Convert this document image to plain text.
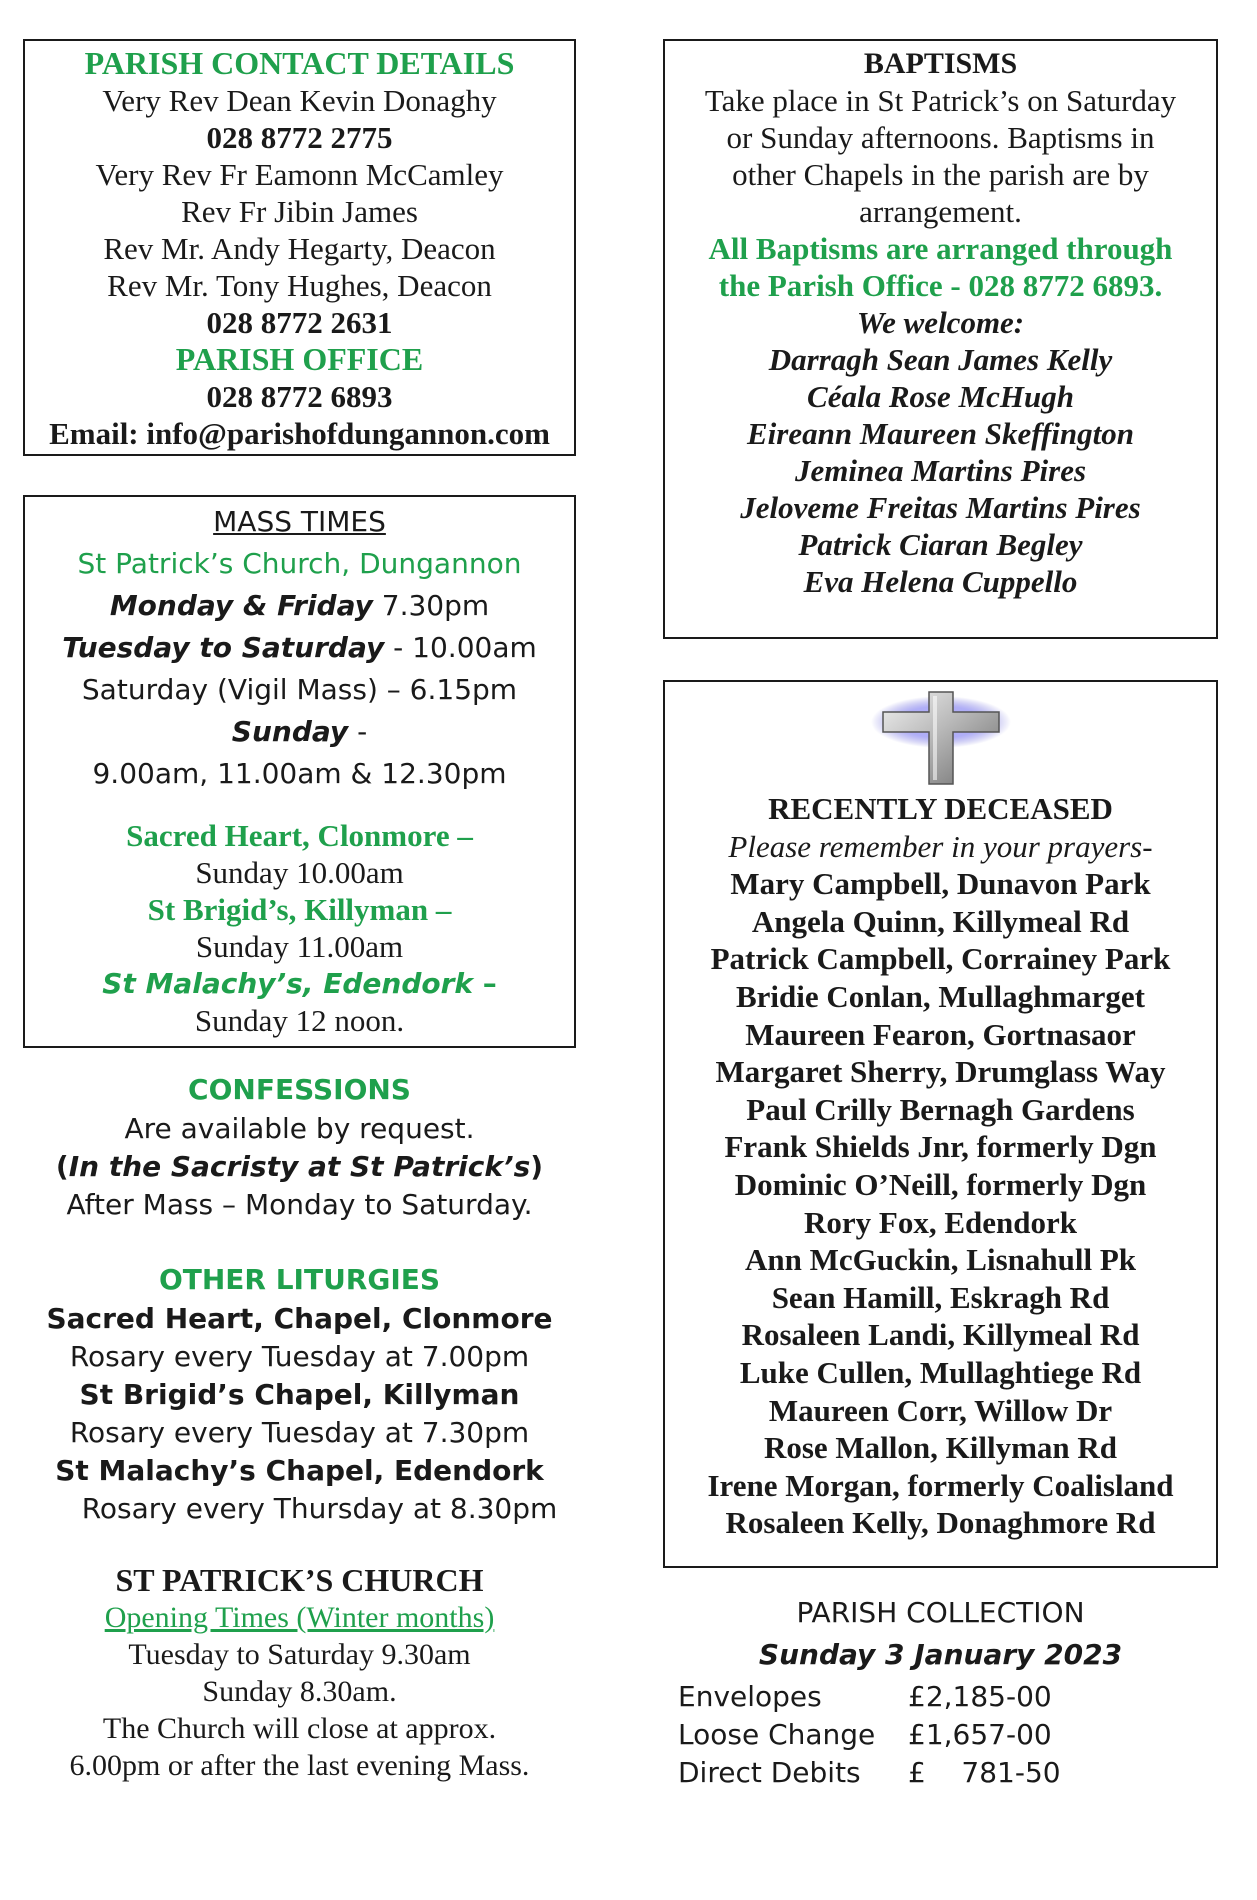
PARISH CONTACT DETAILS
Very Rev Dean Kevin Donaghy
028 8772 2775
Very Rev Fr Eamonn McCamley
Rev Fr Jibin James
Rev Mr. Andy Hegarty, Deacon
Rev Mr. Tony Hughes, Deacon
028 8772 2631
PARISH OFFICE
028 8772 6893
Email: info@parishofdungannon.com
MASS TIMES
St Patrick’s Church, Dungannon
Monday & Friday 7.30pm
Tuesday to Saturday - 10.00am
Saturday (Vigil Mass) – 6.15pm
Sunday -
9.00am, 11.00am & 12.30pm
Sacred Heart, Clonmore –
Sunday 10.00am
St Brigid’s, Killyman –
Sunday 11.00am
St Malachy’s, Edendork –
Sunday 12 noon.
CONFESSIONS
Are available by request.
(In the Sacristy at St Patrick’s)
After Mass – Monday to Saturday.
OTHER LITURGIES
Sacred Heart, Chapel, Clonmore
Rosary every Tuesday at 7.00pm
St Brigid’s Chapel, Killyman
Rosary every Tuesday at 7.30pm
St Malachy’s Chapel, Edendork
Rosary every Thursday at 8.30pm
ST PATRICK’S CHURCH
Opening Times (Winter months)
Tuesday to Saturday 9.30am
Sunday 8.30am.
The Church will close at approx.
6.00pm or after the last evening Mass.
BAPTISMS
Take place in St Patrick’s on Saturday
or Sunday afternoons. Baptisms in
other Chapels in the parish are by
arrangement.
All Baptisms are arranged through
the Parish Office - 028 8772 6893.
We welcome:
Darragh Sean James Kelly
Céala Rose McHugh
Eireann Maureen Skeffington
Jeminea Martins Pires
Jeloveme Freitas Martins Pires
Patrick Ciaran Begley
Eva Helena Cuppello
RECENTLY DECEASED
Please remember in your prayers-
Mary Campbell, Dunavon Park
Angela Quinn, Killymeal Rd
Patrick Campbell, Corrainey Park
Bridie Conlan, Mullaghmarget
Maureen Fearon, Gortnasaor
Margaret Sherry, Drumglass Way
Paul Crilly Bernagh Gardens
Frank Shields Jnr, formerly Dgn
Dominic O’Neill, formerly Dgn
Rory Fox, Edendork
Ann McGuckin, Lisnahull Pk
Sean Hamill, Eskragh Rd
Rosaleen Landi, Killymeal Rd
Luke Cullen, Mullaghtiege Rd
Maureen Corr, Willow Dr
Rose Mallon, Killyman Rd
Irene Morgan, formerly Coalisland
Rosaleen Kelly, Donaghmore Rd
PARISH COLLECTION
Sunday 3 January 2023
Envelopes	£2,185-00
Loose Change	£1,657-00
Direct Debits	£    781-50
